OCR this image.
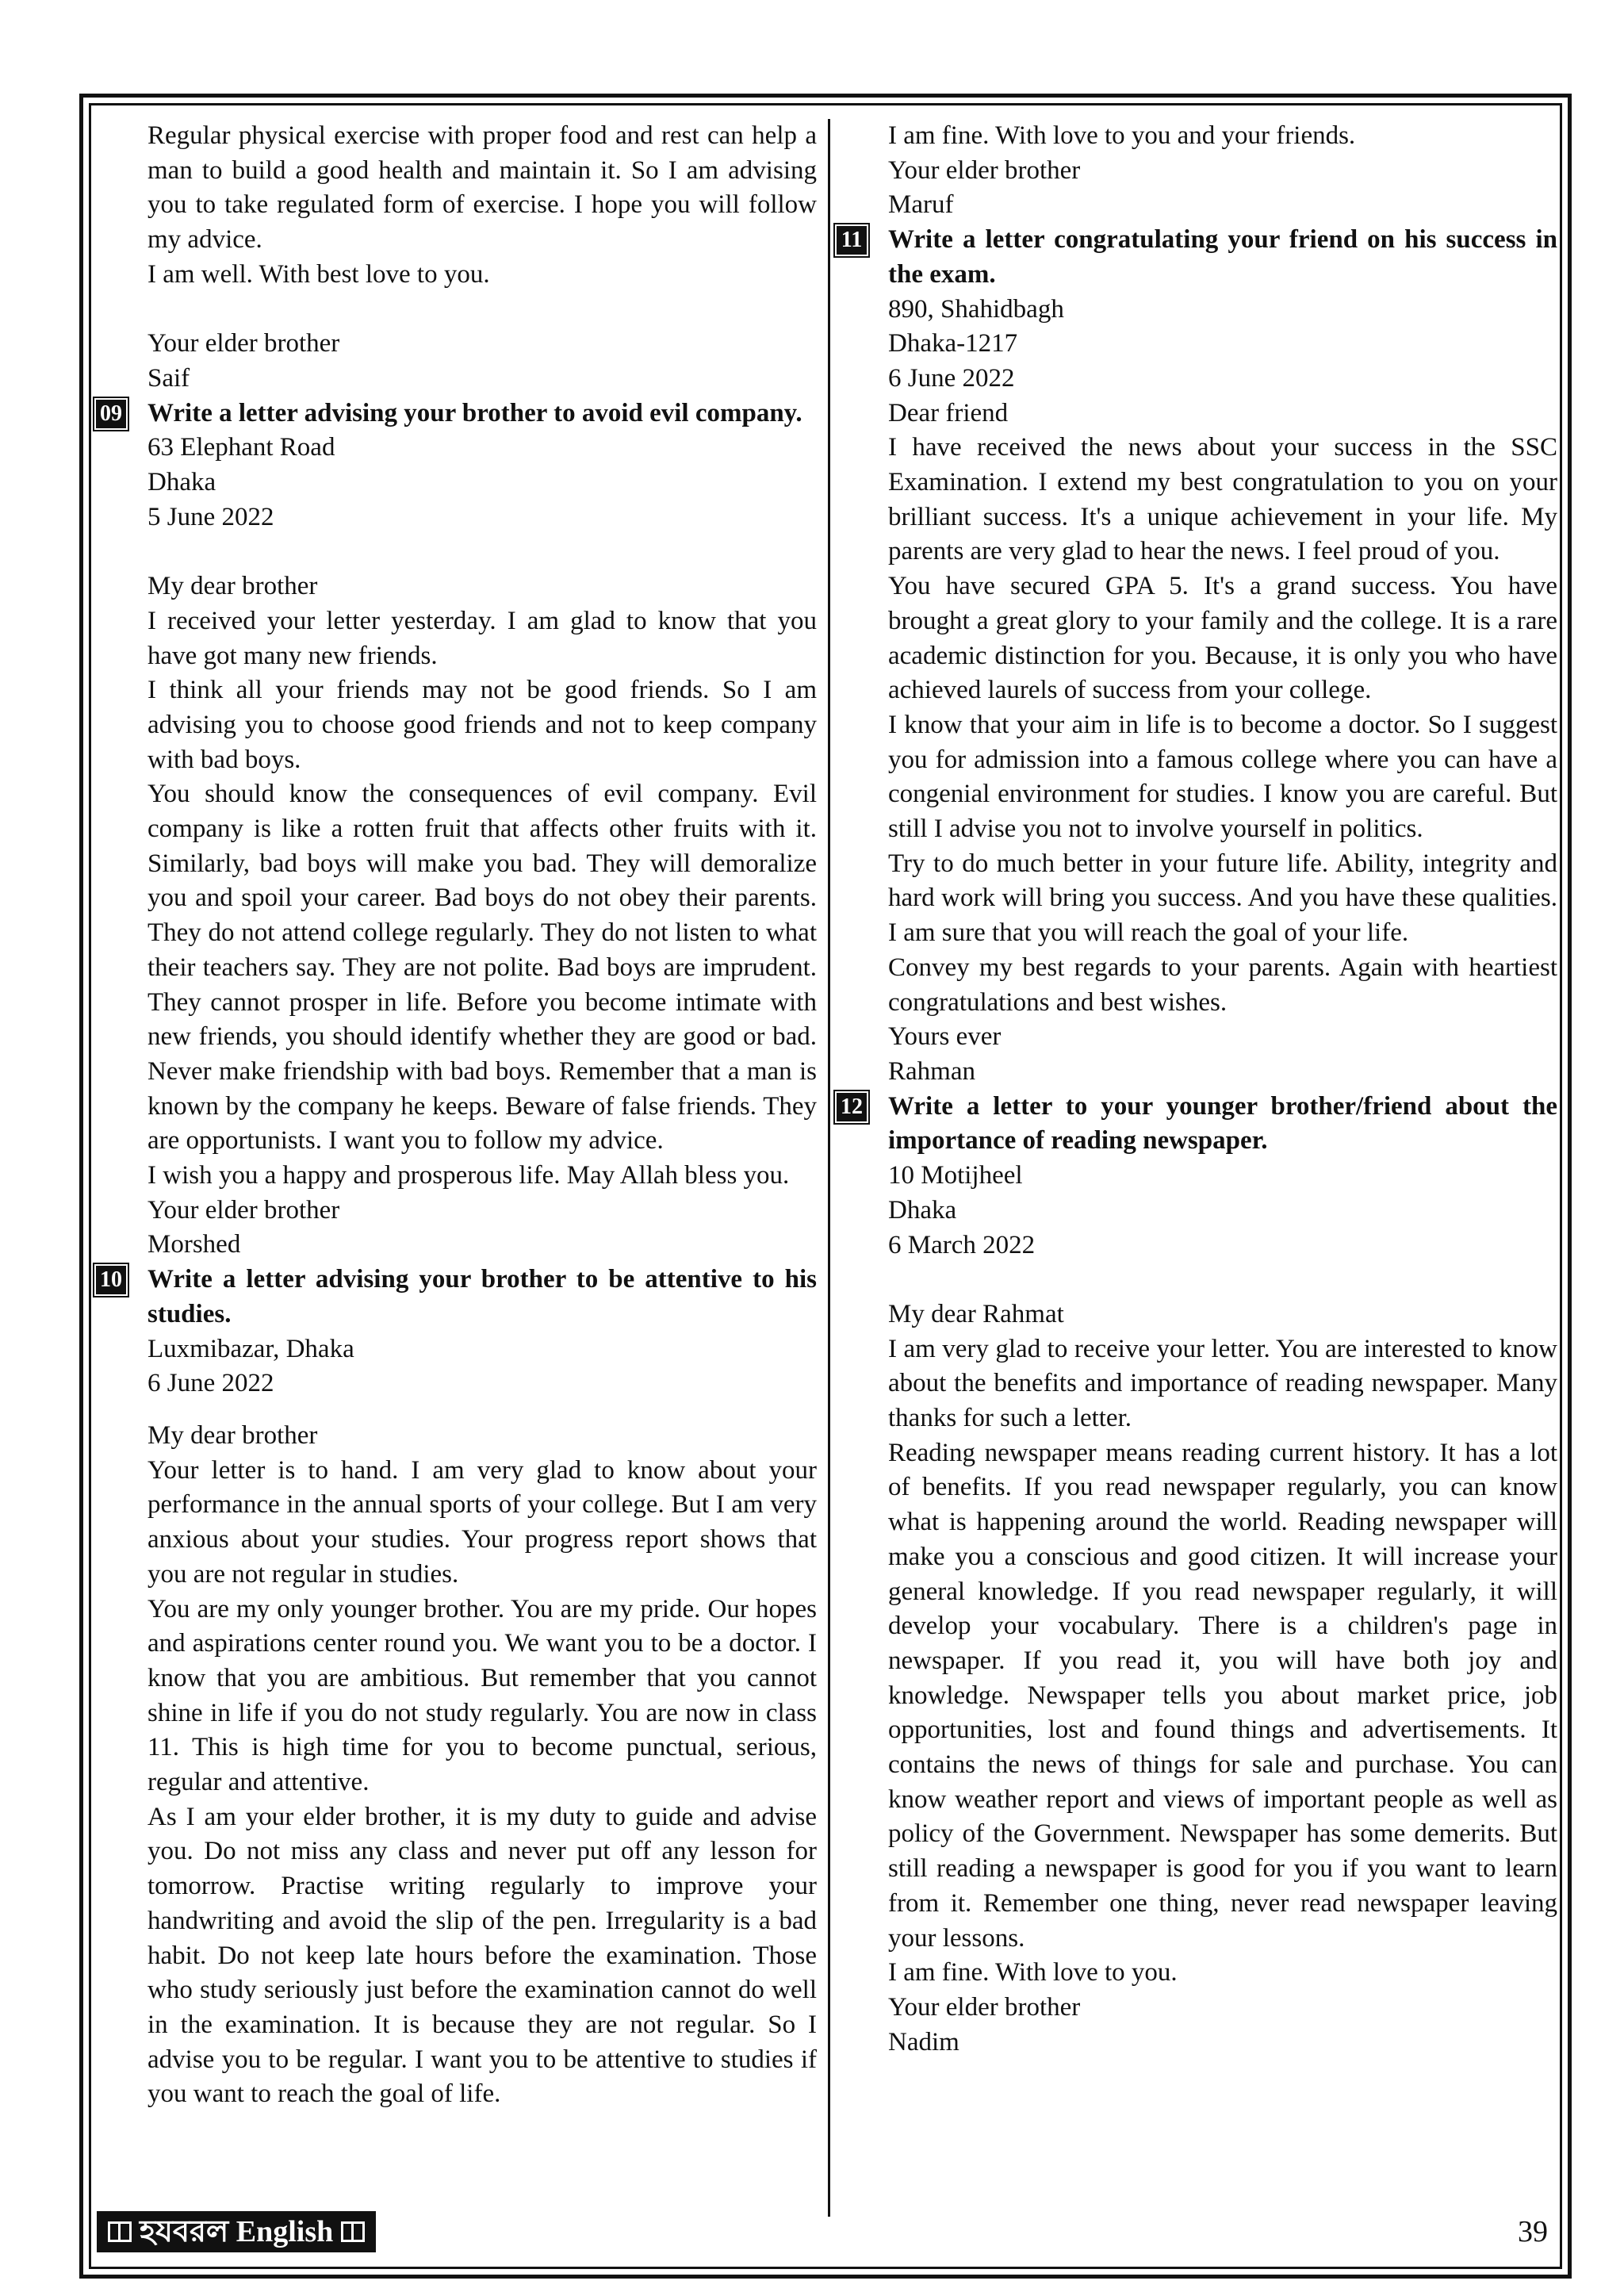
Regular physical exercise with proper food and rest can help a man to build a good health and maintain it. So I am advising you to take regulated form of exercise. I hope you will follow my advice.

I am well. With best love to you.

Your elder brother

Saif

09 Write a letter advising your brother to avoid evil company.

63 Elephant Road

Dhaka

5 June 2022

My dear brother

I received your letter yesterday. I am glad to know that you have got many new friends.

I think all your friends may not be good friends. So I am advising you to choose good friends and not to keep company with bad boys.

You should know the consequences of evil company. Evil company is like a rotten fruit that affects other fruits with it. Similarly, bad boys will make you bad. They will demoralize you and spoil your career. Bad boys do not obey their parents. They do not attend college regularly. They do not listen to what their teachers say. They are not polite. Bad boys are imprudent. They cannot prosper in life. Before you become intimate with new friends, you should identify whether they are good or bad. Never make friendship with bad boys. Remember that a man is known by the company he keeps. Beware of false friends. They are opportunists. I want you to follow my advice.

I wish you a happy and prosperous life. May Allah bless you.

Your elder brother

Morshed

10 Write a letter advising your brother to be attentive to his studies.

Luxmibazar, Dhaka

6 June 2022

My dear brother

Your letter is to hand. I am very glad to know about your performance in the annual sports of your college. But I am very anxious about your studies. Your progress report shows that you are not regular in studies.

You are my only younger brother. You are my pride. Our hopes and aspirations center round you. We want you to be a doctor. I know that you are ambitious. But remember that you cannot shine in life if you do not study regularly. You are now in class 11. This is high time for you to become punctual, serious, regular and attentive.

As I am your elder brother, it is my duty to guide and advise you. Do not miss any class and never put off any lesson for tomorrow. Practise writing regularly to improve your handwriting and avoid the slip of the pen. Irregularity is a bad habit. Do not keep late hours before the examination. Those who study seriously just before the examination cannot do well in the examination. It is because they are not regular. So I advise you to be regular. I want you to be attentive to studies if you want to reach the goal of life.

I am fine. With love to you and your friends.

Your elder brother

Maruf

11 Write a letter congratulating your friend on his success in the exam.

890, Shahidbagh

Dhaka-1217

6 June 2022

Dear friend

I have received the news about your success in the SSC Examination. I extend my best congratulation to you on your brilliant success. It's a unique achievement in your life. My parents are very glad to hear the news. I feel proud of you.

You have secured GPA 5. It's a grand success. You have brought a great glory to your family and the college. It is a rare academic distinction for you. Because, it is only you who have achieved laurels of success from your college.

I know that your aim in life is to become a doctor. So I suggest you for admission into a famous college where you can have a congenial environment for studies. I know you are careful. But still I advise you not to involve yourself in politics.

Try to do much better in your future life. Ability, integrity and hard work will bring you success. And you have these qualities. I am sure that you will reach the goal of your life.

Convey my best regards to your parents. Again with heartiest congratulations and best wishes.

Yours ever

Rahman

12 Write a letter to your younger brother/friend about the importance of reading newspaper.

10 Motijheel

Dhaka

6 March 2022

My dear Rahmat

I am very glad to receive your letter. You are interested to know about the benefits and importance of reading newspaper. Many thanks for such a letter.

Reading newspaper means reading current history. It has a lot of benefits. If you read newspaper regularly, you can know what is happening around the world. Reading newspaper will make you a conscious and good citizen. It will increase your general knowledge. If you read newspaper regularly, it will develop your vocabulary. There is a children's page in newspaper. If you read it, you will have both joy and knowledge. Newspaper tells you about market price, job opportunities, lost and found things and advertisements. It contains the news of things for sale and purchase. You can know weather report and views of important people as well as policy of the Government. Newspaper has some demerits. But still reading a newspaper is good for you if you want to learn from it. Remember one thing, never read newspaper leaving your lessons.

I am fine. With love to you.

Your elder brother

Nadim

হযবরল English	39
